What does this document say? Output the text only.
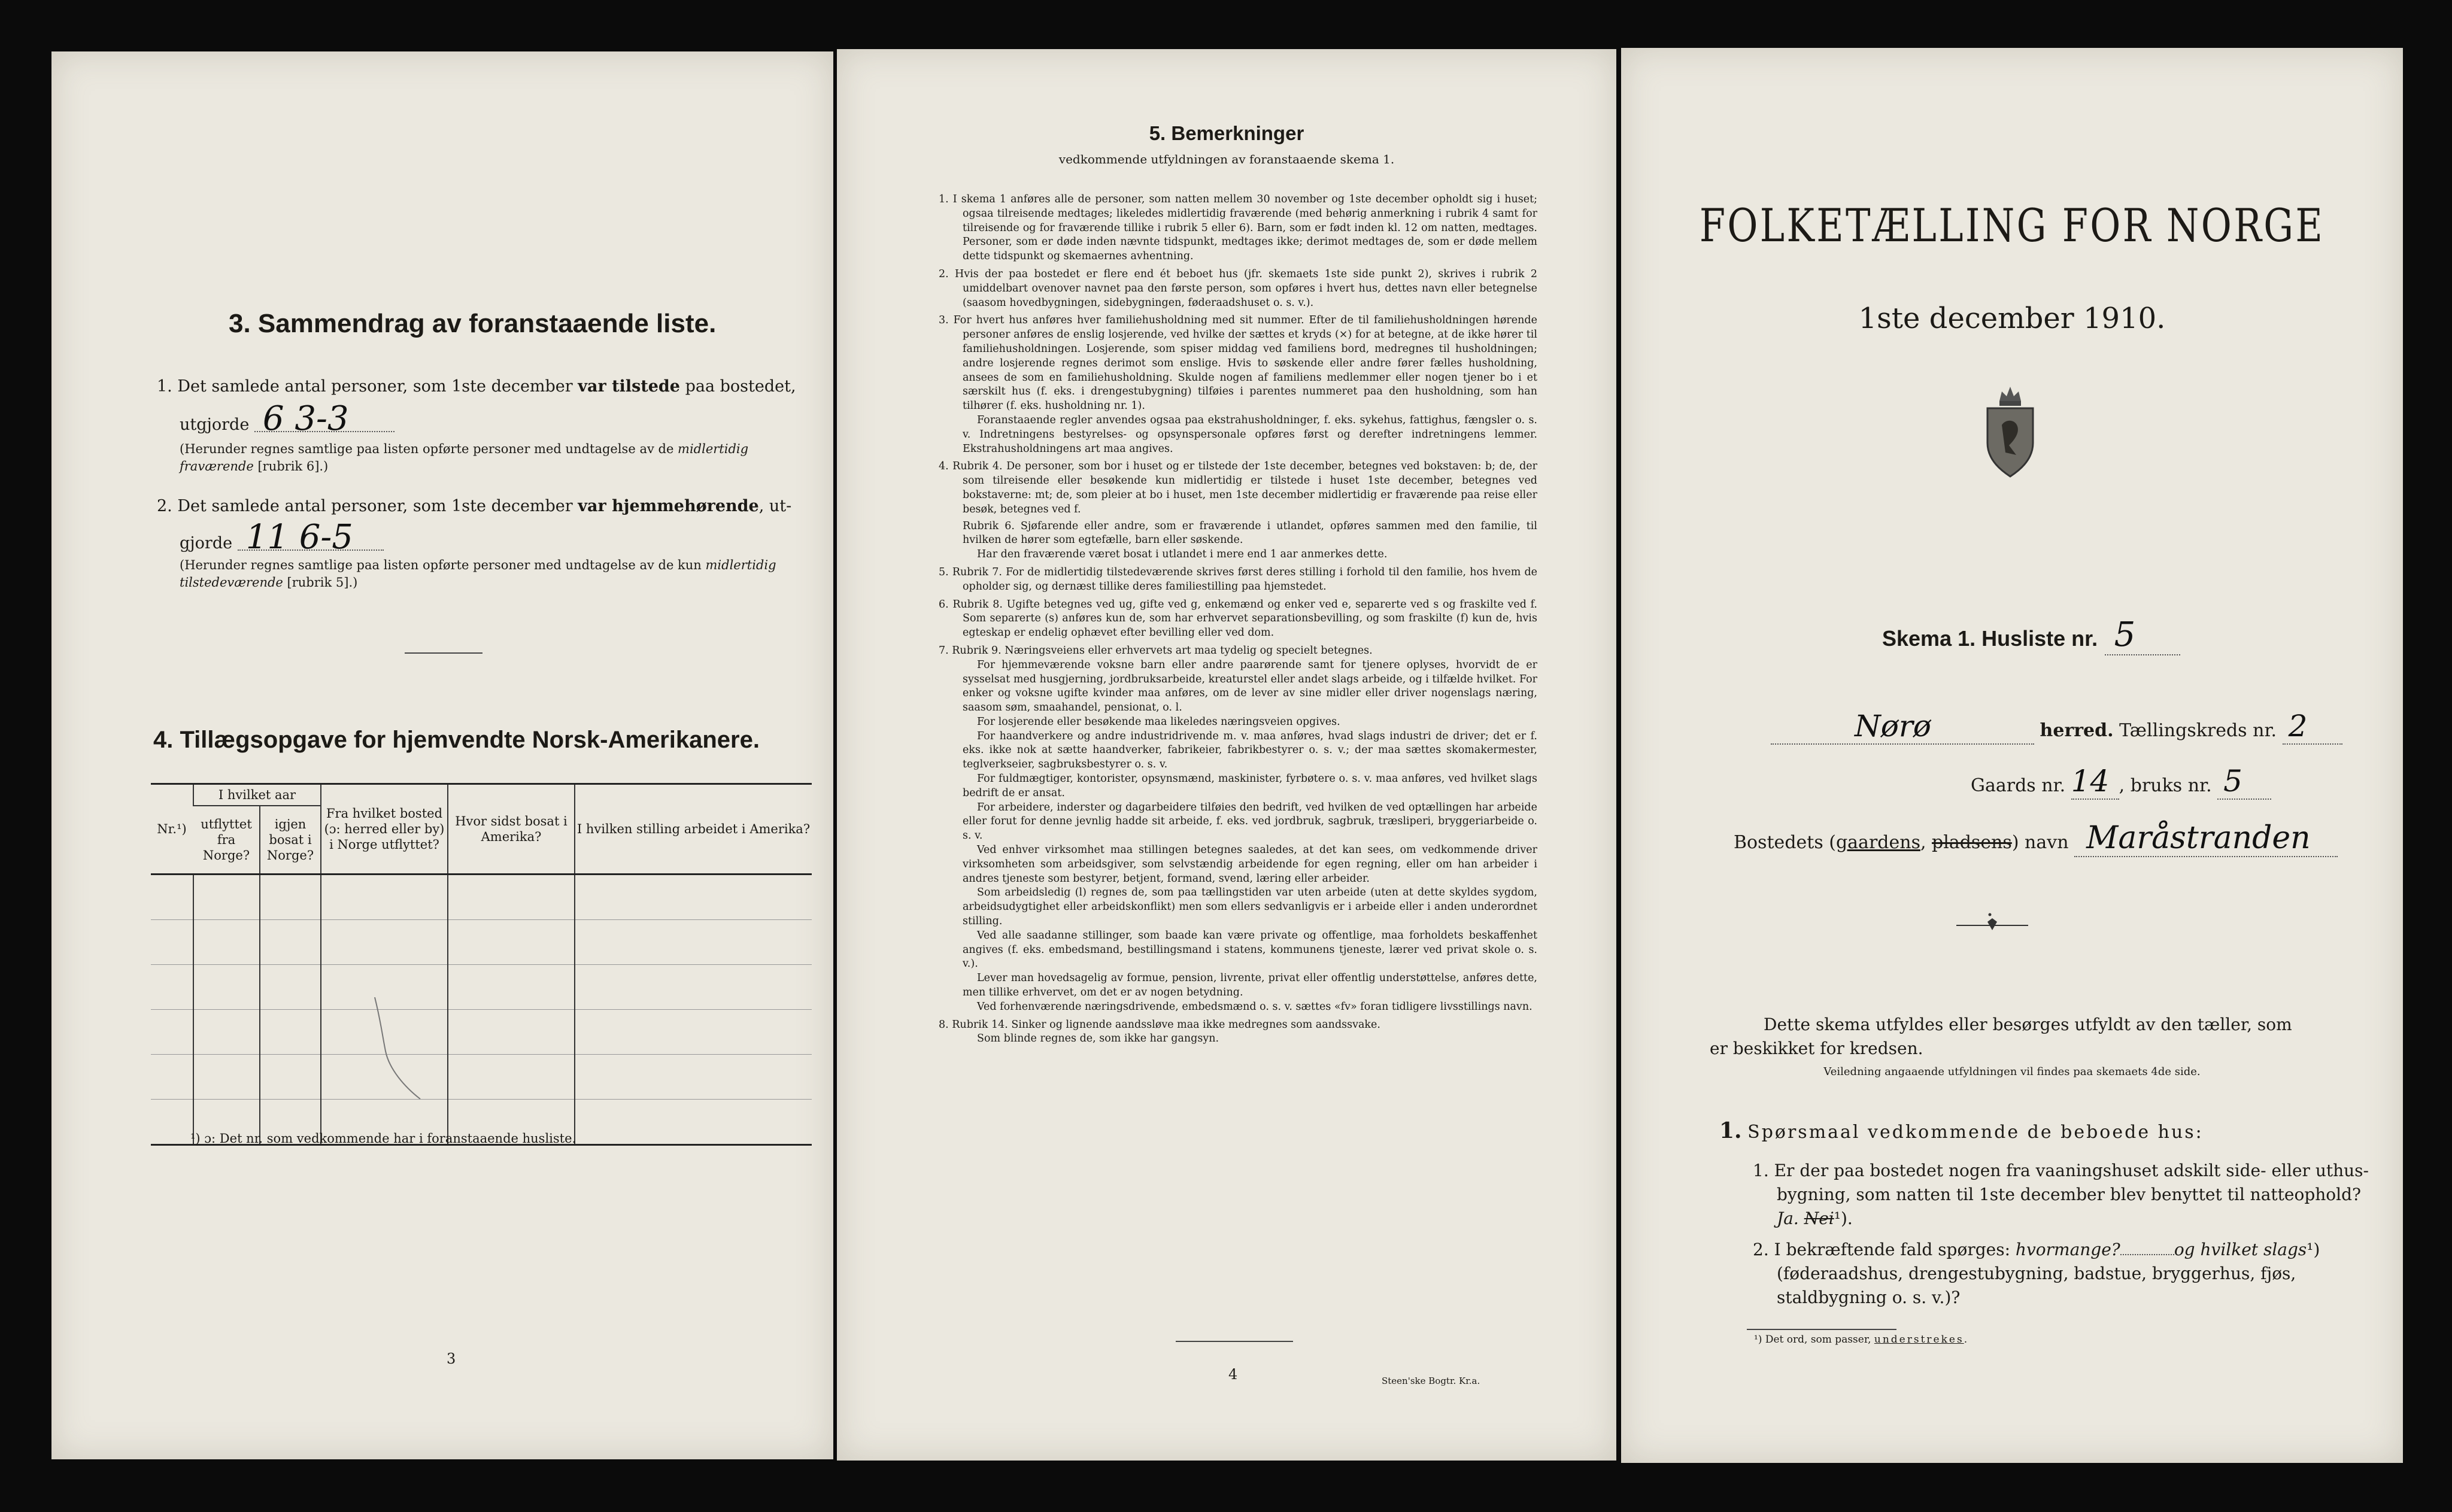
3. Sammendrag av foranstaaende liste.
1. Det samlede antal personer, som 1ste december var tilstede paa bostedet,
utgjorde 6 3-3
(Herunder regnes samtlige paa listen opførte personer med undtagelse av de midlertidig fraværende [rubrik 6].)
2. Det samlede antal personer, som 1ste december var hjemmehørende, ut-
gjorde 11 6-5
(Herunder regnes samtlige paa listen opførte personer med undtagelse av de kun midlertidig tilstedeværende [rubrik 5].)
4. Tillægsopgave for hjemvendte Norsk-Amerikanere.
Nr.¹)	I hvilket aar		Fra hvilket bosted (ɔ: herred eller by) i Norge utflyttet?	Hvor sidst bosat i Amerika?	I hvilken stilling arbeidet i Amerika?
	utflyttet fra Norge?	igjen bosat i Norge?			

¹) ɔ: Det nr. som vedkommende har i foranstaaende husliste.
3
5. Bemerkninger
vedkommende utfyldningen av foranstaaende skema 1.

1. I skema 1 anføres alle de personer, som natten mellem 30 november og 1ste december opholdt sig i huset; ogsaa tilreisende medtages; likeledes midlertidig fraværende (med behørig anmerkning i rubrik 4 samt for tilreisende og for fraværende tillike i rubrik 5 eller 6). Barn, som er født inden kl. 12 om natten, medtages. Personer, som er døde inden nævnte tidspunkt, medtages ikke; derimot medtages de, som er døde mellem dette tidspunkt og skemaernes avhentning.

2. Hvis der paa bostedet er flere end ét beboet hus (jfr. skemaets 1ste side punkt 2), skrives i rubrik 2 umiddelbart ovenover navnet paa den første person, som opføres i hvert hus, dettes navn eller betegnelse (saasom hovedbygningen, sidebygningen, føderaadshuset o. s. v.).

3. For hvert hus anføres hver familiehusholdning med sit nummer. Efter de til familiehusholdningen hørende personer anføres de enslig losjerende, ved hvilke der sættes et kryds (×) for at betegne, at de ikke hører til familiehusholdningen. Losjerende, som spiser middag ved familiens bord, medregnes til husholdningen; andre losjerende regnes derimot som enslige. Hvis to søskende eller andre fører fælles husholdning, ansees de som en familiehusholdning. Skulde nogen af familiens medlemmer eller nogen tjener bo i et særskilt hus (f. eks. i drengestubygning) tilføies i parentes nummeret paa den husholdning, som han tilhører (f. eks. husholdning nr. 1).

Foranstaaende regler anvendes ogsaa paa ekstrahusholdninger, f. eks. sykehus, fattighus, fængsler o. s. v. Indretningens bestyrelses- og opsynspersonale opføres først og derefter indretningens lemmer. Ekstrahusholdningens art maa angives.

4. Rubrik 4. De personer, som bor i huset og er tilstede der 1ste december, betegnes ved bokstaven: b; de, der som tilreisende eller besøkende kun midlertidig er tilstede i huset 1ste december, betegnes ved bokstaverne: mt; de, som pleier at bo i huset, men 1ste december midlertidig er fraværende paa reise eller besøk, betegnes ved f.

Rubrik 6. Sjøfarende eller andre, som er fraværende i utlandet, opføres sammen med den familie, til hvilken de hører som egtefælle, barn eller søskende.

Har den fraværende været bosat i utlandet i mere end 1 aar anmerkes dette.

5. Rubrik 7. For de midlertidig tilstedeværende skrives først deres stilling i forhold til den familie, hos hvem de opholder sig, og dernæst tillike deres familiestilling paa hjemstedet.

6. Rubrik 8. Ugifte betegnes ved ug, gifte ved g, enkemænd og enker ved e, separerte ved s og fraskilte ved f. Som separerte (s) anføres kun de, som har erhvervet separationsbevilling, og som fraskilte (f) kun de, hvis egteskap er endelig ophævet efter bevilling eller ved dom.

7. Rubrik 9. Næringsveiens eller erhvervets art maa tydelig og specielt betegnes.

For hjemmeværende voksne barn eller andre paarørende samt for tjenere oplyses, hvorvidt de er sysselsat med husgjerning, jordbruksarbeide, kreaturstel eller andet slags arbeide, og i tilfælde hvilket. For enker og voksne ugifte kvinder maa anføres, om de lever av sine midler eller driver nogenslags næring, saasom søm, smaahandel, pensionat, o. l.

For losjerende eller besøkende maa likeledes næringsveien opgives.

For haandverkere og andre industridrivende m. v. maa anføres, hvad slags industri de driver; det er f. eks. ikke nok at sætte haandverker, fabrikeier, fabrikbestyrer o. s. v.; der maa sættes skomakermester, teglverkseier, sagbruksbestyrer o. s. v.

For fuldmægtiger, kontorister, opsynsmænd, maskinister, fyrbøtere o. s. v. maa anføres, ved hvilket slags bedrift de er ansat.

For arbeidere, inderster og dagarbeidere tilføies den bedrift, ved hvilken de ved optællingen har arbeide eller forut for denne jevnlig hadde sit arbeide, f. eks. ved jordbruk, sagbruk, træsliperi, bryggeriarbeide o. s. v.

Ved enhver virksomhet maa stillingen betegnes saaledes, at det kan sees, om vedkommende driver virksomheten som arbeidsgiver, som selvstændig arbeidende for egen regning, eller om han arbeider i andres tjeneste som bestyrer, betjent, formand, svend, læring eller arbeider.

Som arbeidsledig (l) regnes de, som paa tællingstiden var uten arbeide (uten at dette skyldes sygdom, arbeidsudygtighet eller arbeidskonflikt) men som ellers sedvanligvis er i arbeide eller i anden underordnet stilling.

Ved alle saadanne stillinger, som baade kan være private og offentlige, maa forholdets beskaffenhet angives (f. eks. embedsmand, bestillingsmand i statens, kommunens tjeneste, lærer ved privat skole o. s. v.).

Lever man hovedsagelig av formue, pension, livrente, privat eller offentlig understøttelse, anføres dette, men tillike erhvervet, om det er av nogen betydning.

Ved forhenværende næringsdrivende, embedsmænd o. s. v. sættes «fv» foran tidligere livsstillings navn.

8. Rubrik 14. Sinker og lignende aandssløve maa ikke medregnes som aandssvake.

Som blinde regnes de, som ikke har gangsyn.

4	Steen'ske Bogtr. Kr.a.
FOLKETÆLLING FOR NORGE
1ste december 1910.
Skema 1. Husliste nr. 5
Nørø	herred. Tællingskreds nr. 2
Gaards nr. 14 , bruks nr. 5
Bostedets (gaardens, pladsens) navn Maråstranden
Dette skema utfyldes eller besørges utfyldt av den tæller, som er beskikket for kredsen.
Veiledning angaaende utfyldningen vil findes paa skemaets 4de side.
1. Spørsmaal vedkommende de beboede hus:
1. Er der paa bostedet nogen fra vaaningshuset adskilt side- eller uthus-bygning, som natten til 1ste december blev benyttet til natteophold? Ja. Nei¹).
2. I bekræftende fald spørges: hvormange?	og hvilket slags¹) (føderaadshus, drengestubygning, badstue, bryggerhus, fjøs, staldbygning o. s. v.)?
¹) Det ord, som passer, understrekes.
